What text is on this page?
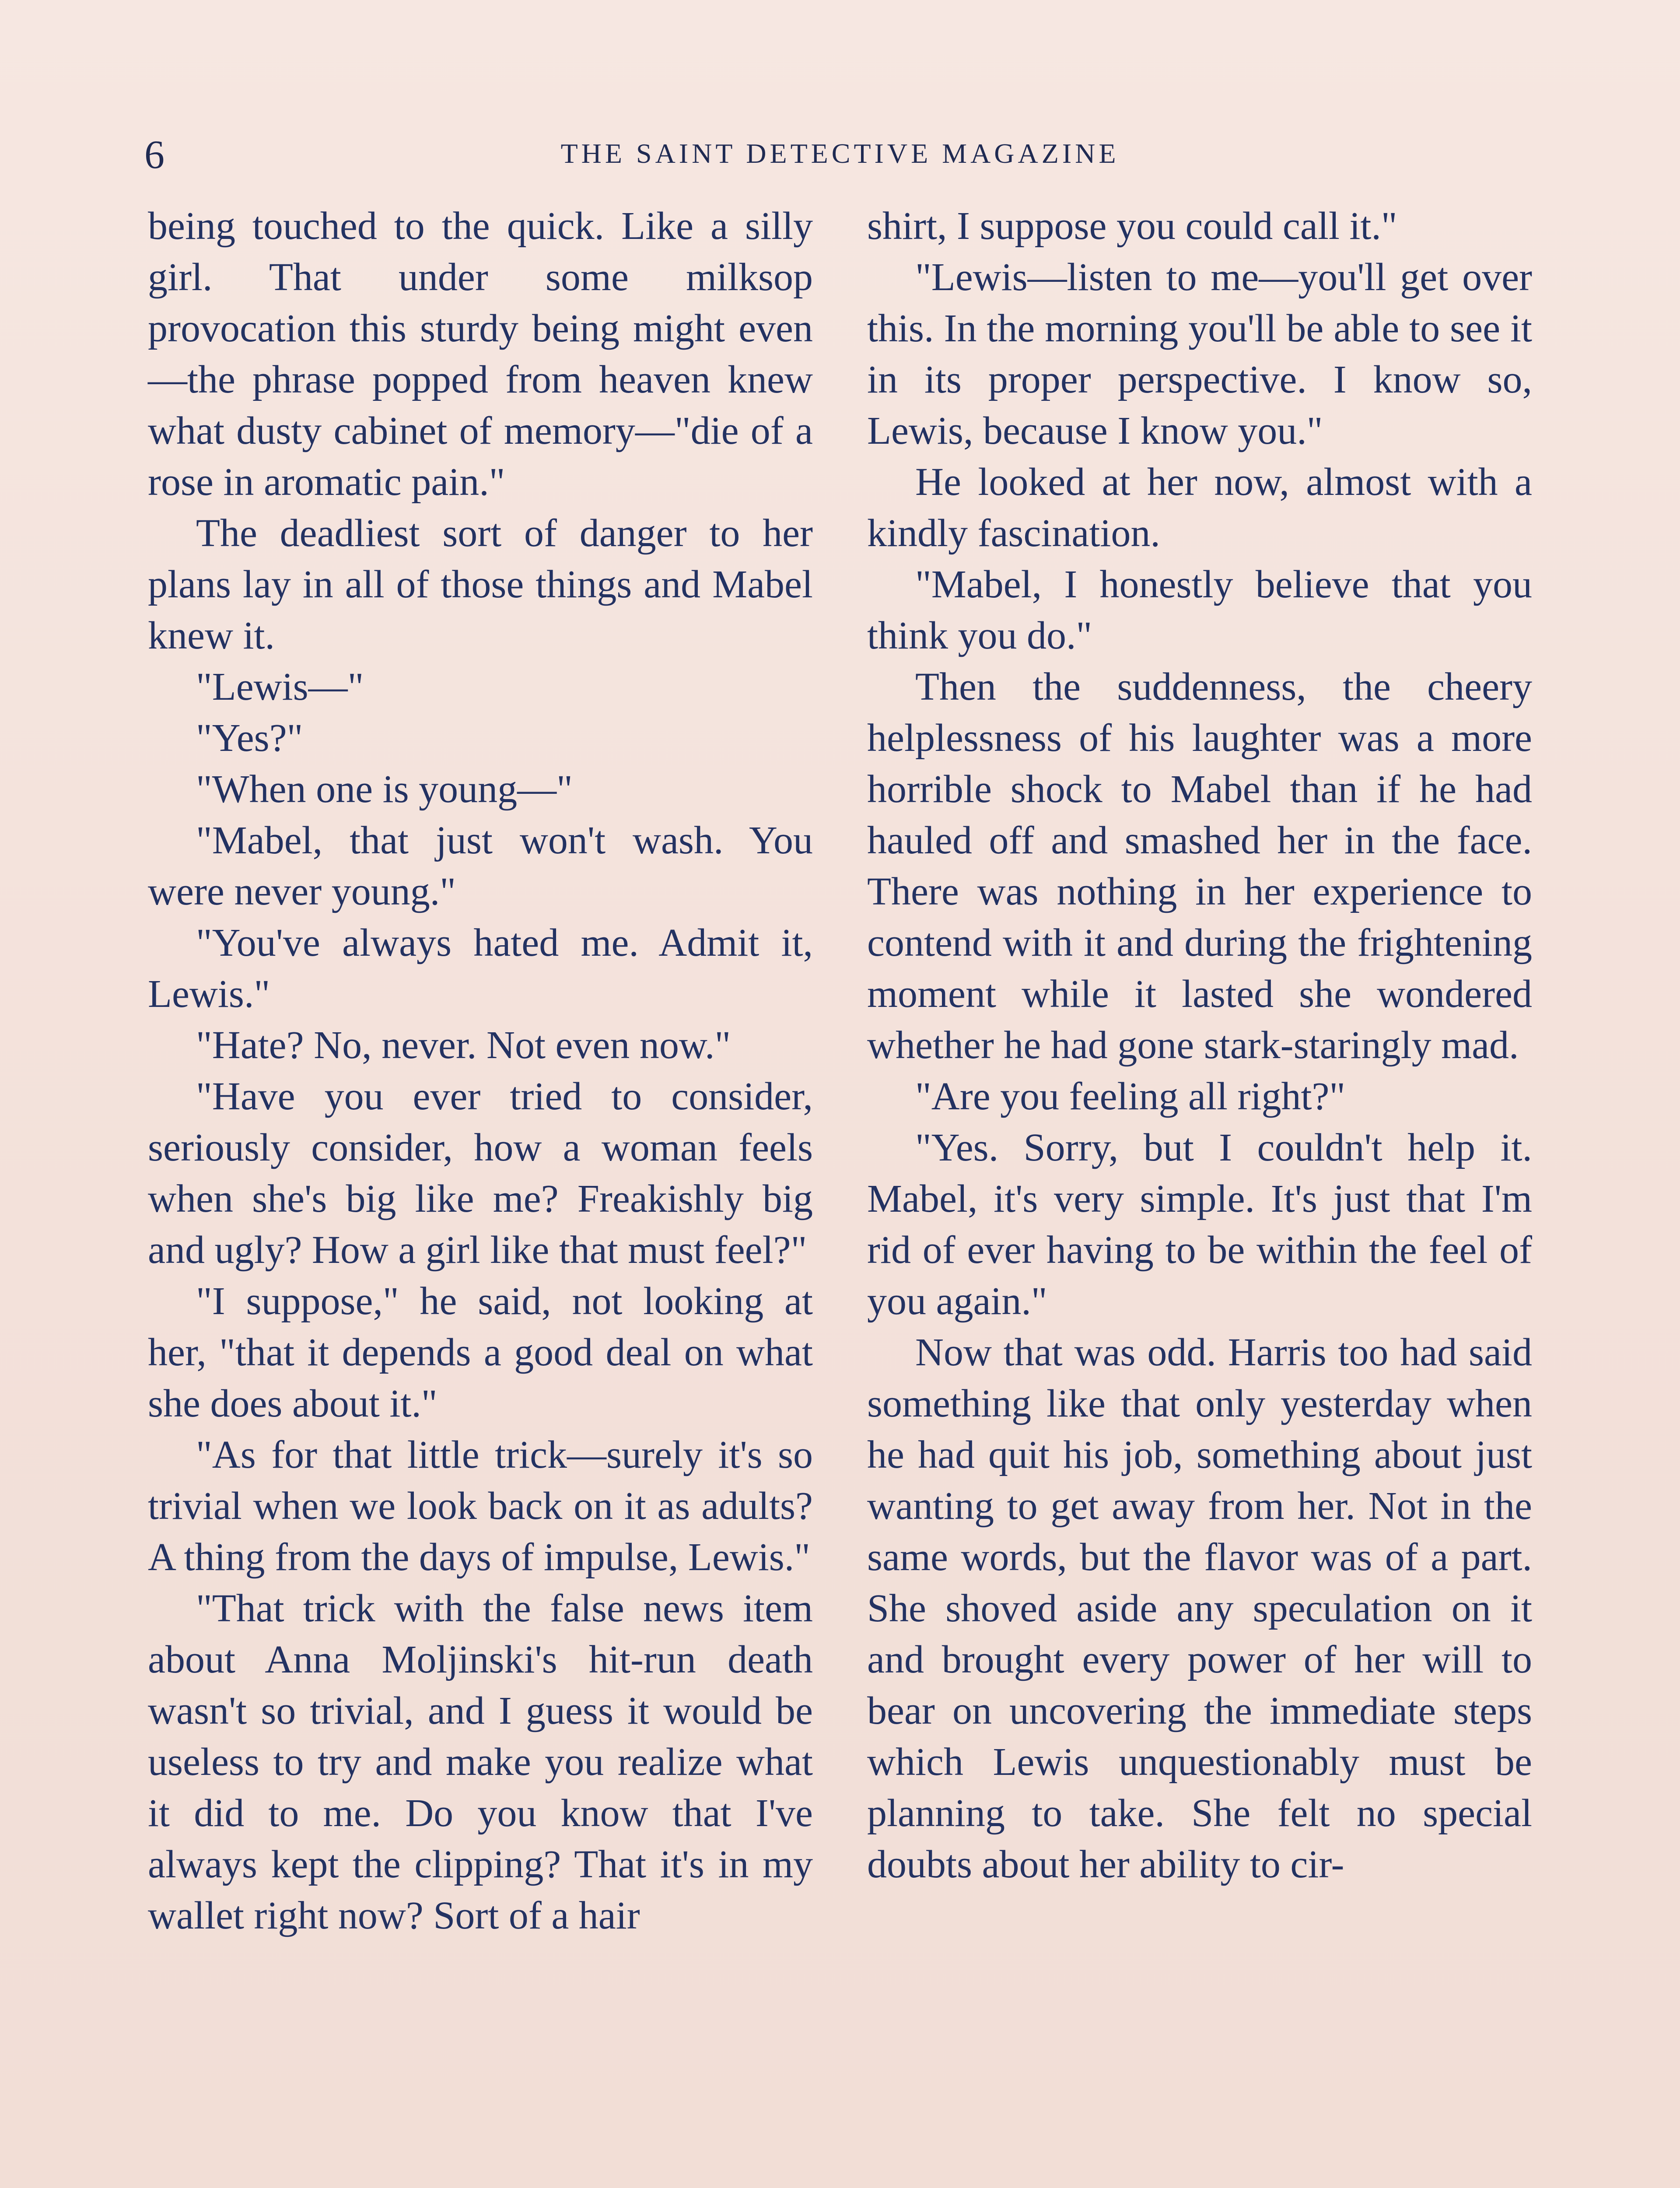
6	THE SAINT DETECTIVE MAGAZINE

being touched to the quick. Like a silly girl. That under some milksop provocation this sturdy being might even—the phrase popped from heaven knew what dusty cabinet of memory—"die of a rose in aromatic pain."

The deadliest sort of danger to her plans lay in all of those things and Mabel knew it.

"Lewis—"

"Yes?"

"When one is young—"

"Mabel, that just won't wash. You were never young."

"You've always hated me. Admit it, Lewis."

"Hate? No, never. Not even now."

"Have you ever tried to consider, seriously consider, how a woman feels when she's big like me? Freakishly big and ugly? How a girl like that must feel?"

"I suppose," he said, not looking at her, "that it depends a good deal on what she does about it."

"As for that little trick—surely it's so trivial when we look back on it as adults? A thing from the days of impulse, Lewis."

"That trick with the false news item about Anna Moljinski's hit-run death wasn't so trivial, and I guess it would be useless to try and make you realize what it did to me. Do you know that I've always kept the clipping? That it's in my wallet right now? Sort of a hair

shirt, I suppose you could call it."

"Lewis—listen to me—you'll get over this. In the morning you'll be able to see it in its proper perspective. I know so, Lewis, because I know you."

He looked at her now, almost with a kindly fascination.

"Mabel, I honestly believe that you think you do."

Then the suddenness, the cheery helplessness of his laughter was a more horrible shock to Mabel than if he had hauled off and smashed her in the face. There was nothing in her experience to contend with it and during the frightening moment while it lasted she wondered whether he had gone stark-staringly mad.

"Are you feeling all right?"

"Yes. Sorry, but I couldn't help it. Mabel, it's very simple. It's just that I'm rid of ever having to be within the feel of you again."

Now that was odd. Harris too had said something like that only yesterday when he had quit his job, something about just wanting to get away from her. Not in the same words, but the flavor was of a part. She shoved aside any speculation on it and brought every power of her will to bear on uncovering the immediate steps which Lewis unquestionably must be planning to take. She felt no special doubts about her ability to cir-
